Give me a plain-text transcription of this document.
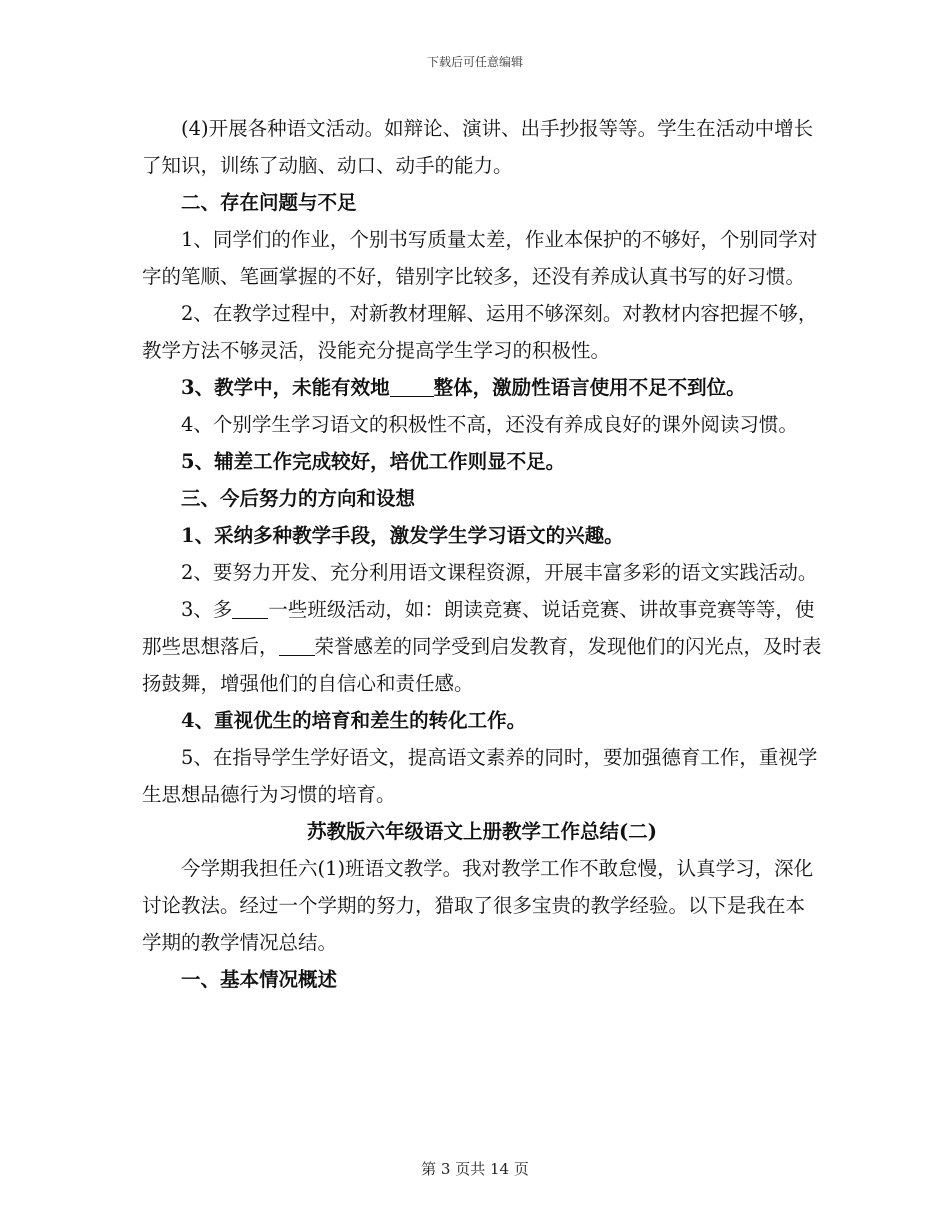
下载后可任意编辑

(4)开展各种语文活动。如辩论、演讲、出手抄报等等。学生在活动中增长了知识，训练了动脑、动口、动手的能力。

二、存在问题与不足

1、同学们的作业，个别书写质量太差，作业本保护的不够好，个别同学对字的笔顺、笔画掌握的不好，错别字比较多，还没有养成认真书写的好习惯。

2、在教学过程中，对新教材理解、运用不够深刻。对教材内容把握不够，教学方法不够灵活，没能充分提高学生学习的积极性。

3、教学中，未能有效地 整体，激励性语言使用不足不到位。

4、个别学生学习语文的积极性不高，还没有养成良好的课外阅读习惯。

5、辅差工作完成较好，培优工作则显不足。

三、今后努力的方向和设想

1、采纳多种教学手段，激发学生学习语文的兴趣。

2、要努力开发、充分利用语文课程资源，开展丰富多彩的语文实践活动。

3、多 一些班级活动，如：朗读竞赛、说话竞赛、讲故事竞赛等等，使那些思想落后， 荣誉感差的同学受到启发教育，发现他们的闪光点，及时表扬鼓舞，增强他们的自信心和责任感。

4、重视优生的培育和差生的转化工作。

5、在指导学生学好语文，提高语文素养的同时，要加强德育工作，重视学生思想品德行为习惯的培育。

苏教版六年级语文上册教学工作总结(二)

今学期我担任六(1)班语文教学。我对教学工作不敢怠慢，认真学习，深化讨论教法。经过一个学期的努力，猎取了很多宝贵的教学经验。以下是我在本学期的教学情况总结。

一、基本情况概述

第 3 页共 14 页
